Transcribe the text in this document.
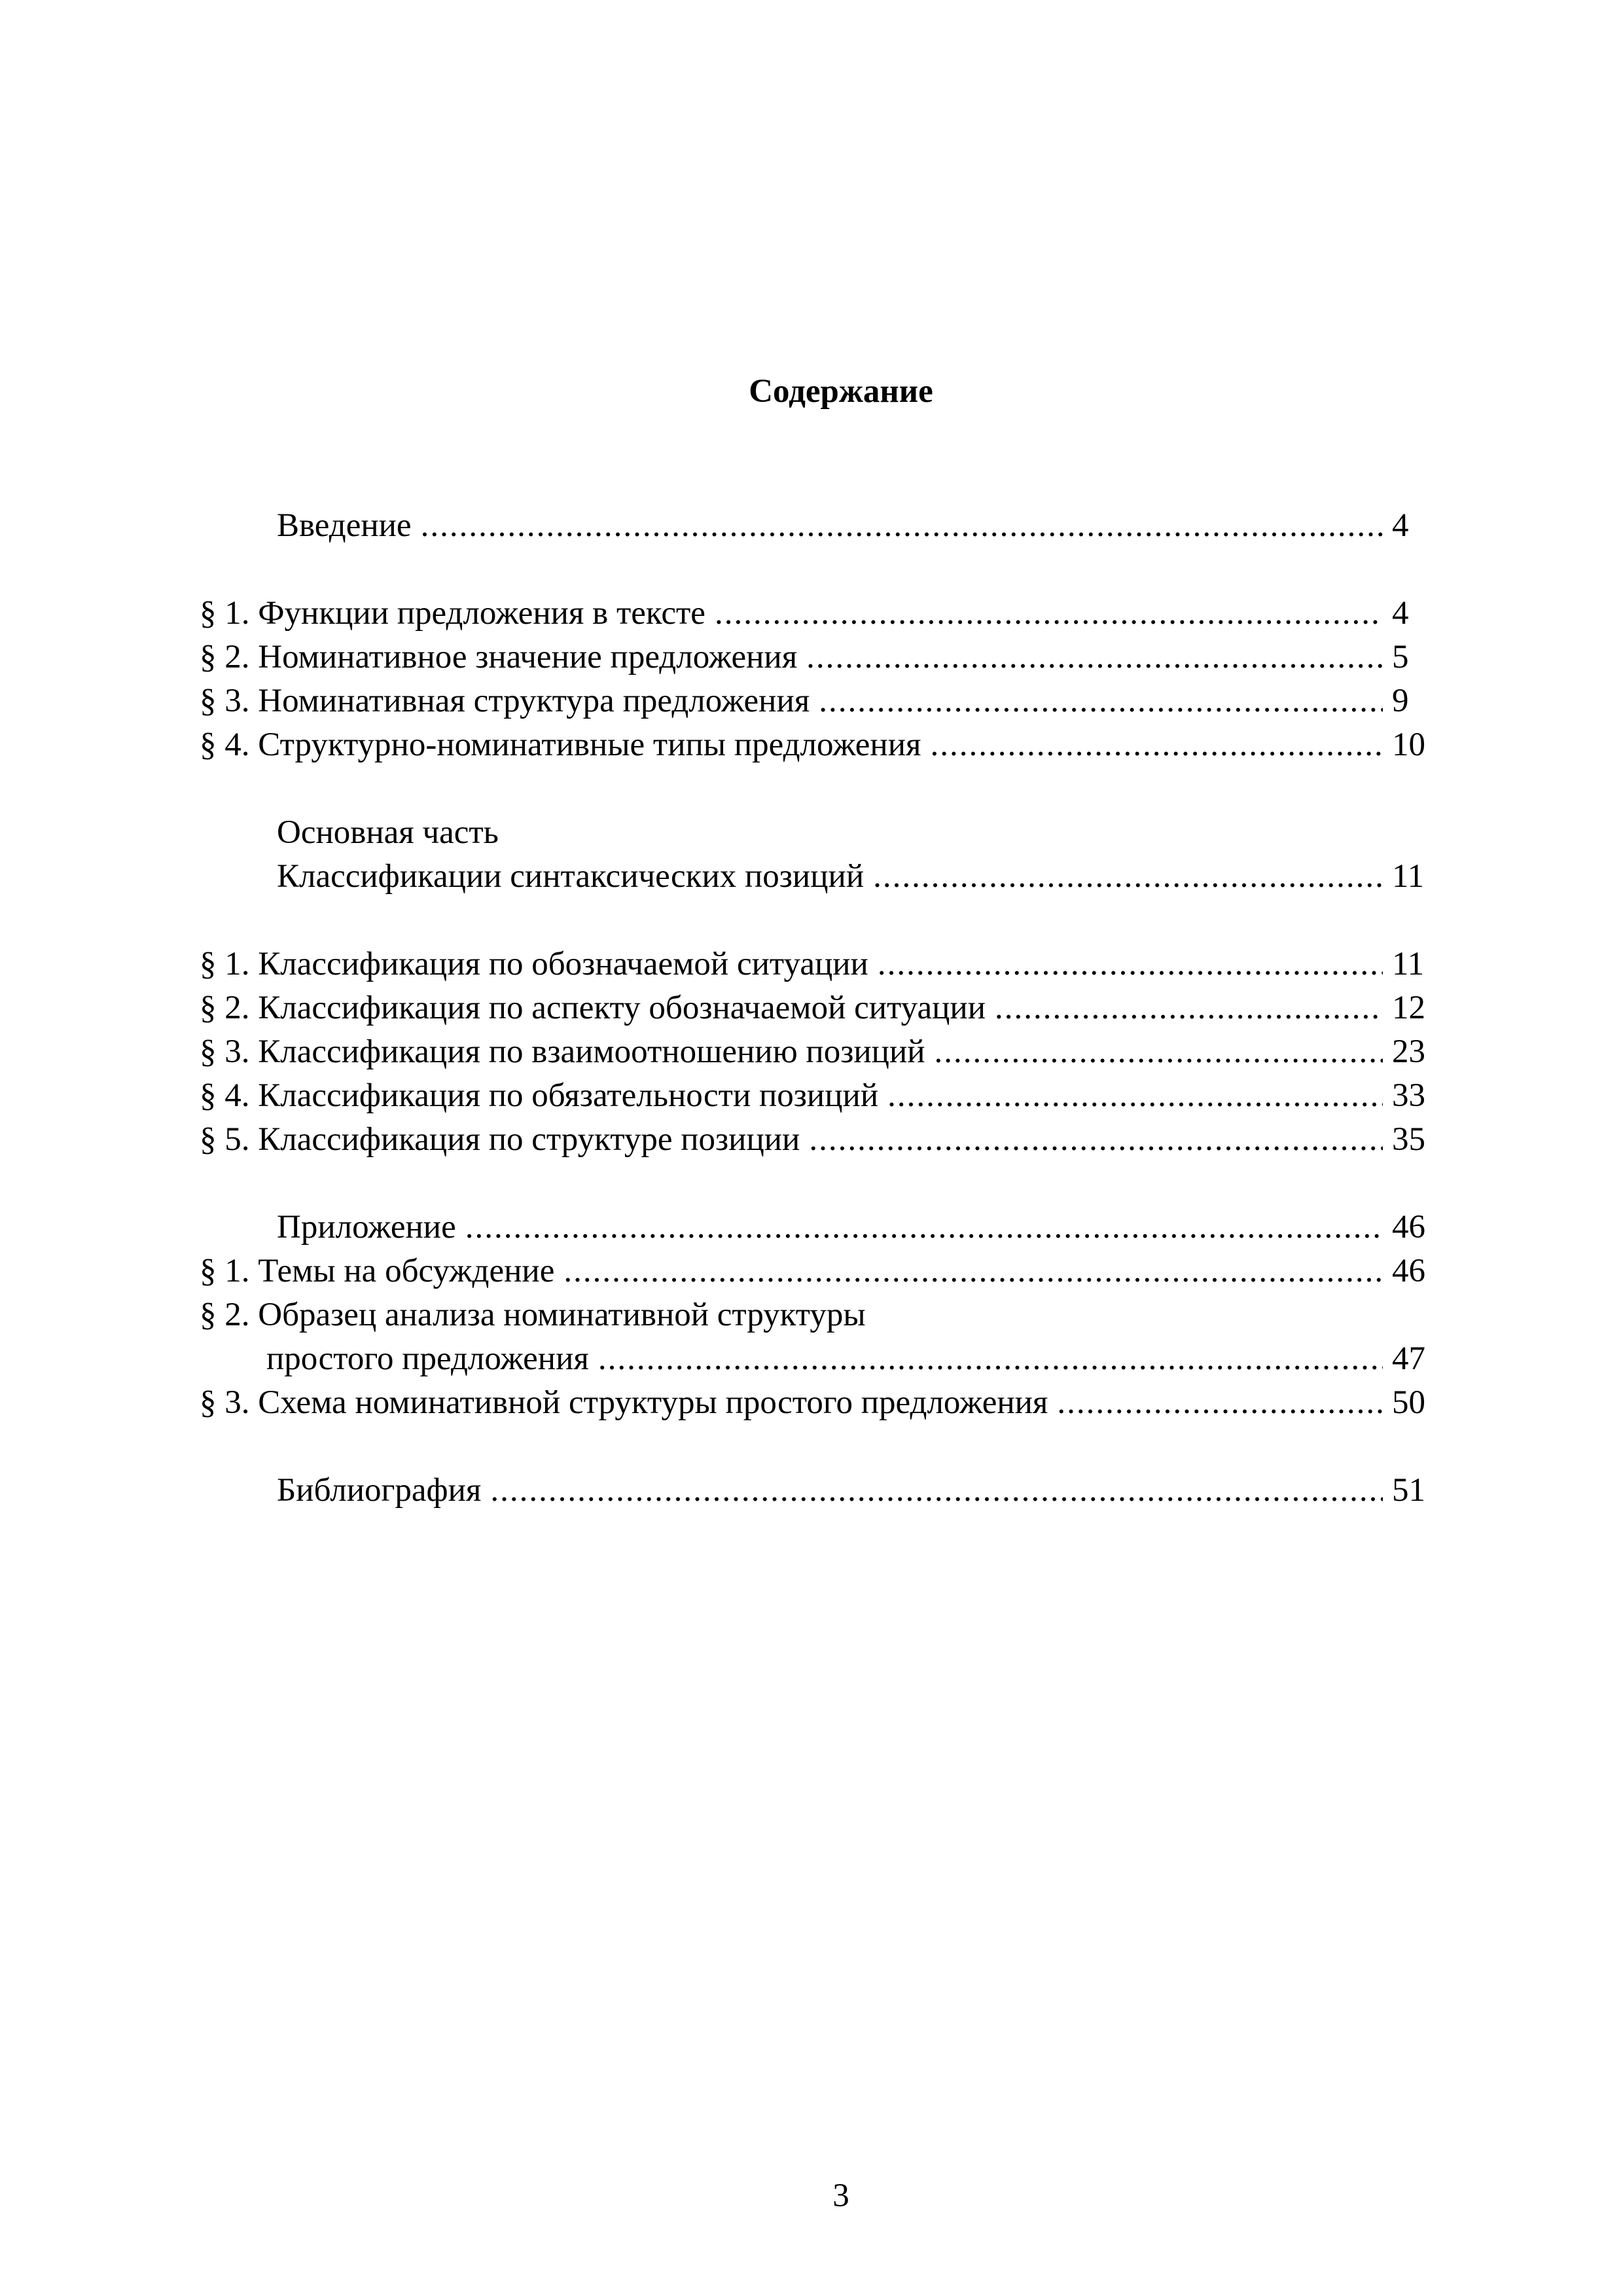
Содержание
Введение .....	4
§ 1. Функции предложения в тексте .....	4
§ 2. Номинативное значение предложения .....	5
§ 3. Номинативная структура предложения .....	9
§ 4. Структурно-номинативные типы предложения .....	10
Основная часть
Классификации синтаксических позиций .....	11
§ 1. Классификация по обозначаемой ситуации .....	11
§ 2. Классификация по аспекту обозначаемой ситуации .....	12
§ 3. Классификация по взаимоотношению позиций .....	23
§ 4. Классификация по обязательности позиций .....	33
§ 5. Классификация по структуре позиции .....	35
Приложение .....	46
§ 1. Темы на обсуждение .....	46
§ 2. Образец анализа номинативной структуры
простого предложения .....	47
§ 3. Схема номинативной структуры простого предложения .....	50
Библиография .....	51
3
